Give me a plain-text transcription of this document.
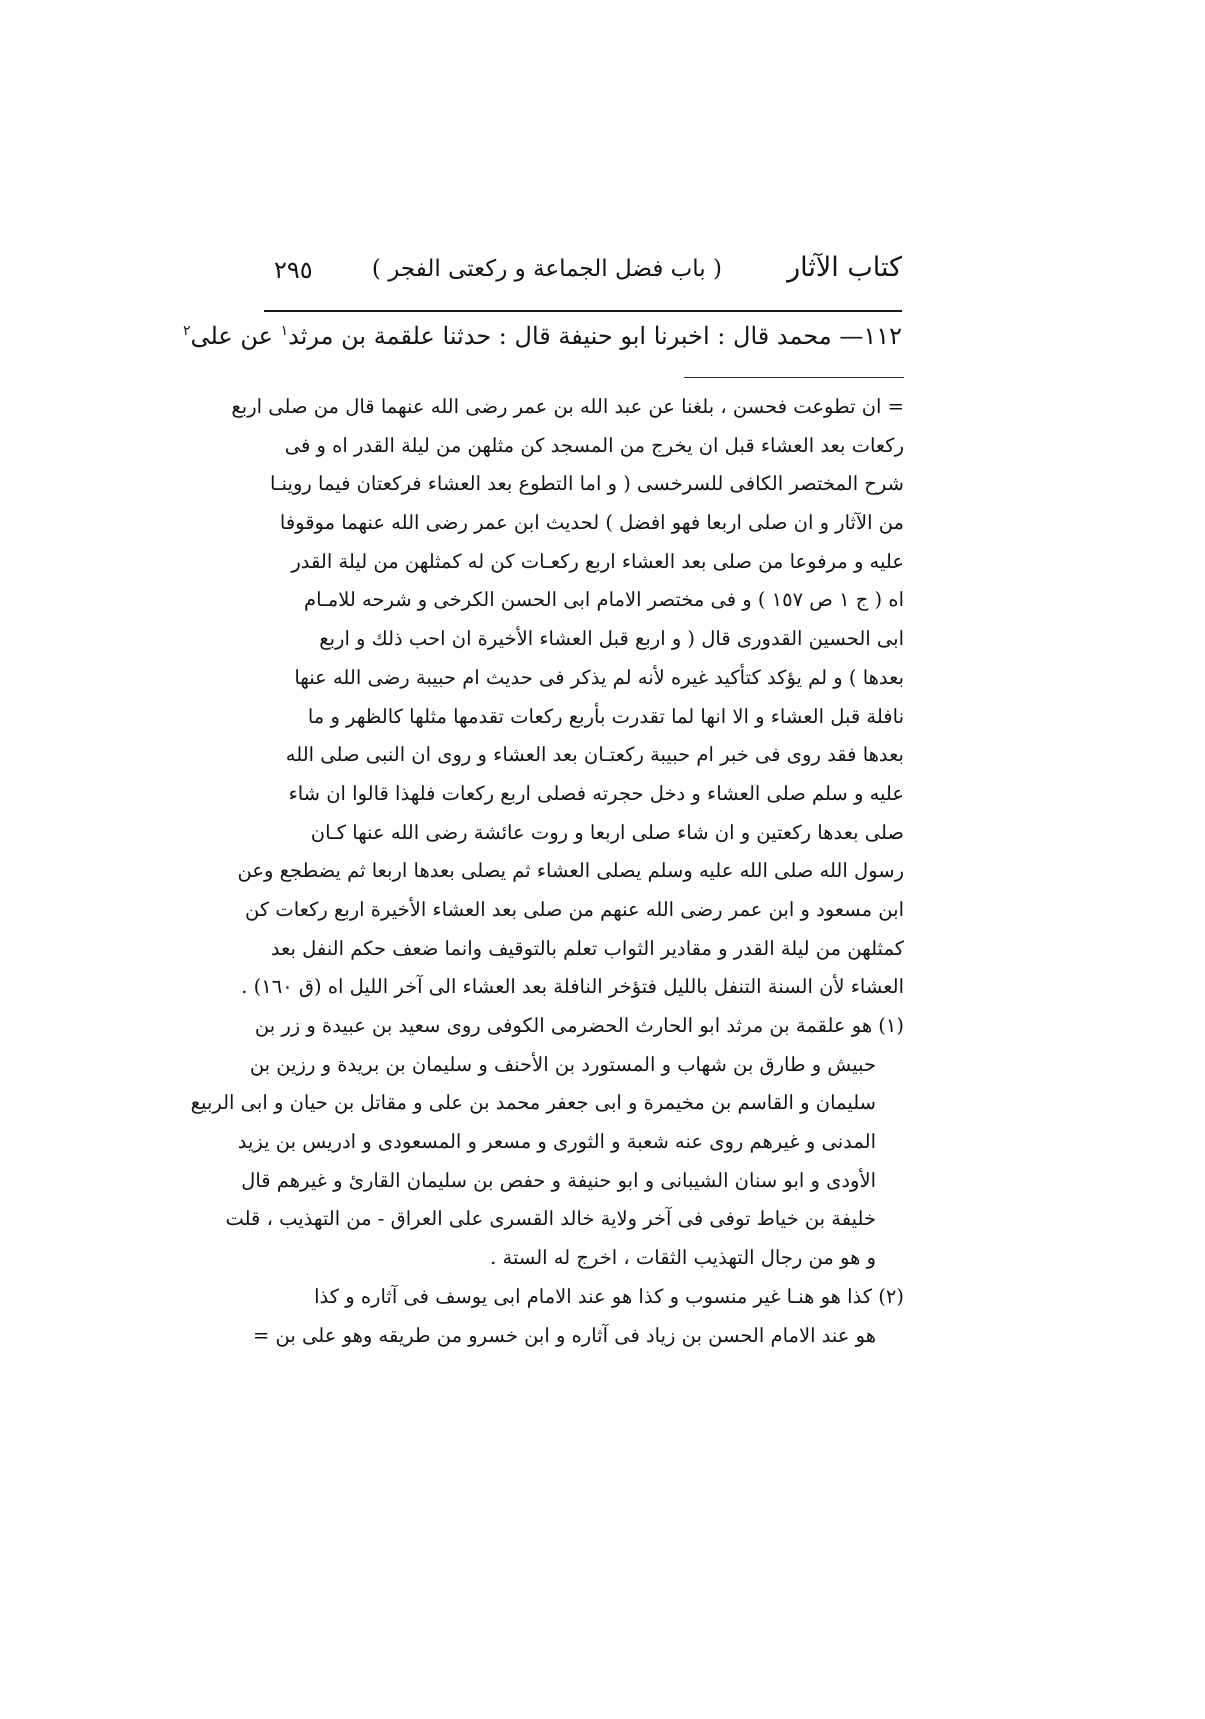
كتاب الآثار
( باب فضل الجماعة و ركعتى الفجر )
٢٩٥
١١٢— محمد قال : اخبرنا ابو حنيفة قال : حدثنا علقمة بن مرثد$^١$ عن على$^٢$
= ان تطوعت فحسن ، بلغنا عن عبد الله بن عمر رضى الله عنهما قال من صلى اربع
ركعات بعد العشاء قبل ان يخرج من المسجد كن مثلهن من ليلة القدر اه و فى
شرح المختصر الكافى للسرخسى ( و اما التطوع بعد العشاء فركعتان فيما روينـا
من الآثار و ان صلى اربعا فهو افضل ) لحديث ابن عمر رضى الله عنهما موقوفا
عليه و مرفوعا من صلى بعد العشاء اربع ركعـات كن له كمثلهن من ليلة القدر
اه ( ج ١ ص ١٥٧ ) و فى مختصر الامام ابى الحسن الكرخى و شرحه للامـام
ابى الحسين القدورى قال ( و اربع قبل العشاء الأخيرة ان احب ذلك و اربع
بعدها ) و لم يؤكد كتأكيد غيره لأنه لم يذكر فى حديث ام حبيبة رضى الله عنها
نافلة قبل العشاء و الا انها لما تقدرت بأربع ركعات تقدمها مثلها كالظهر و ما
بعدها فقد روى فى خبر ام حبيبة ركعتـان بعد العشاء و روى ان النبى صلى الله
عليه و سلم صلى العشاء و دخل حجرته فصلى اربع ركعات فلهذا قالوا ان شاء
صلى بعدها ركعتين و ان شاء صلى اربعا و روت عائشة رضى الله عنها كـان
رسول الله صلى الله عليه وسلم يصلى العشاء ثم يصلى بعدها اربعا ثم يضطجع وعن
ابن مسعود و ابن عمر رضى الله عنهم من صلى بعد العشاء الأخيرة اربع ركعات كن
كمثلهن من ليلة القدر و مقادير الثواب تعلم بالتوقيف وانما ضعف حكم النفل بعد
العشاء لأن السنة التنفل بالليل فتؤخر النافلة بعد العشاء الى آخر الليل اه (ق ١٦٠) .
(١) هو علقمة بن مرثد ابو الحارث الحضرمى الكوفى روى سعيد بن عبيدة و زر بن
حبيش و طارق بن شهاب و المستورد بن الأحنف و سليمان بن بريدة و رزين بن
سليمان و القاسم بن مخيمرة و ابى جعفر محمد بن على و مقاتل بن حيان و ابى الربيع
المدنى و غيرهم روى عنه شعبة و الثورى و مسعر و المسعودى و ادريس بن يزيد
الأودى و ابو سنان الشيبانى و ابو حنيفة و حفص بن سليمان القارئ و غيرهم قال
خليفة بن خياط توفى فى آخر ولاية خالد القسرى على العراق - من التهذيب ، قلت
و هو من رجال التهذيب الثقات ، اخرج له الستة .
(٢) كذا هو هنـا غير منسوب و كذا هو عند الامام ابى يوسف فى آثاره و كذا
هو عند الامام الحسن بن زياد فى آثاره و ابن خسرو من طريقه وهو على بن =
